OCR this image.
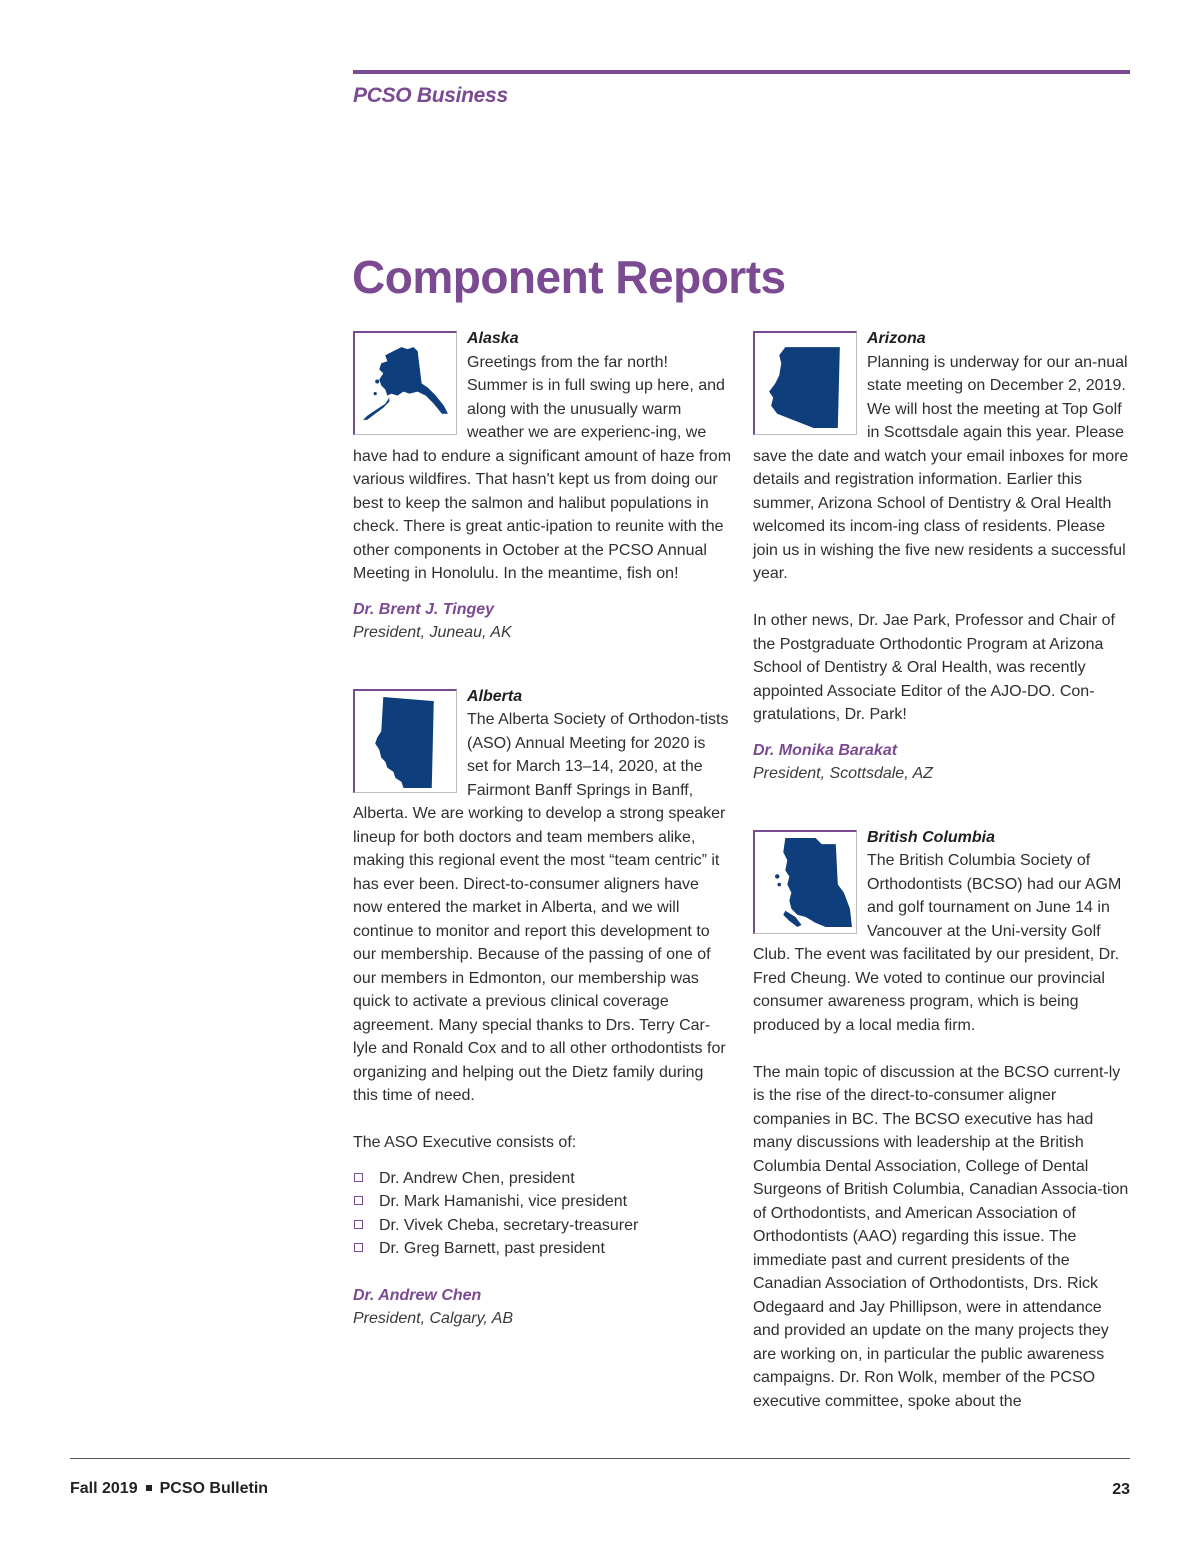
PCSO Business
Component Reports
Alaska

Greetings from the far north! Summer is in full swing up here, and along with the unusually warm weather we are experienc-ing, we have had to endure a significant amount of haze from various wildfires. That hasn't kept us from doing our best to keep the salmon and halibut populations in check. There is great antic-ipation to reunite with the other components in October at the PCSO Annual Meeting in Honolulu. In the meantime, fish on!

Dr. Brent J. Tingey
President, Juneau, AK
Alberta

The Alberta Society of Orthodon-tists (ASO) Annual Meeting for 2020 is set for March 13–14, 2020, at the Fairmont Banff Springs in Banff, Alberta. We are working to develop a strong speaker lineup for both doctors and team members alike, making this regional event the most “team centric” it has ever been. Direct-to-consumer aligners have now entered the market in Alberta, and we will continue to monitor and report this development to our membership. Because of the passing of one of our members in Edmonton, our membership was quick to activate a previous clinical coverage agreement. Many special thanks to Drs. Terry Car-lyle and Ronald Cox and to all other orthodontists for organizing and helping out the Dietz family during this time of need.

The ASO Executive consists of:

Dr. Andrew Chen, president
Dr. Mark Hamanishi, vice president
Dr. Vivek Cheba, secretary-treasurer
Dr. Greg Barnett, past president
Dr. Andrew Chen
President, Calgary, AB
Arizona

Planning is underway for our an-nual state meeting on December 2, 2019. We will host the meeting at Top Golf in Scottsdale again this year. Please save the date and watch your email inboxes for more details and registration information. Earlier this summer, Arizona School of Dentistry & Oral Health welcomed its incom-ing class of residents. Please join us in wishing the five new residents a successful year.

In other news, Dr. Jae Park, Professor and Chair of the Postgraduate Orthodontic Program at Arizona School of Dentistry & Oral Health, was recently appointed Associate Editor of the AJO-DO. Con-gratulations, Dr. Park!

Dr. Monika Barakat
President, Scottsdale, AZ
British Columbia

The British Columbia Society of Orthodontists (BCSO) had our AGM and golf tournament on June 14 in Vancouver at the Uni-versity Golf Club. The event was facilitated by our president, Dr. Fred Cheung. We voted to continue our provincial consumer awareness program, which is being produced by a local media firm.

The main topic of discussion at the BCSO current-ly is the rise of the direct-to-consumer aligner companies in BC. The BCSO executive has had many discussions with leadership at the British Columbia Dental Association, College of Dental Surgeons of British Columbia, Canadian Associa-tion of Orthodontists, and American Association of Orthodontists (AAO) regarding this issue. The immediate past and current presidents of the Canadian Association of Orthodontists, Drs. Rick Odegaard and Jay Phillipson, were in attendance and provided an update on the many projects they are working on, in particular the public awareness campaigns. Dr. Ron Wolk, member of the PCSO executive committee, spoke about the

Fall 2019 PCSO Bulletin	23
